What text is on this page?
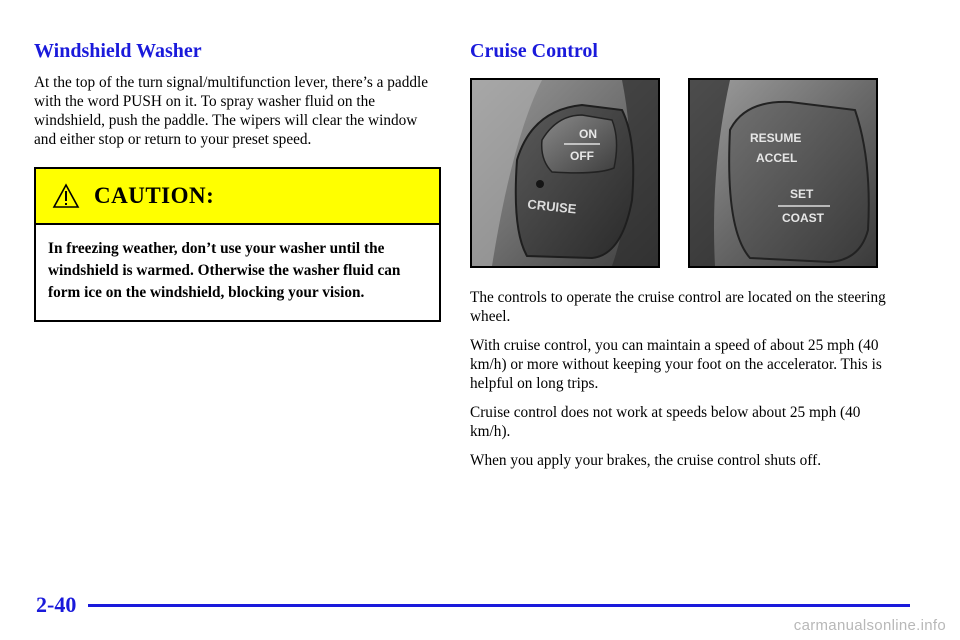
Windshield Washer

At the top of the turn signal/multifunction lever, there’s a paddle with the word PUSH on it. To spray washer fluid on the windshield, push the paddle. The wipers will clear the window and either stop or return to your preset speed.

CAUTION:
In freezing weather, don’t use your washer until the windshield is warmed. Otherwise the washer fluid can form ice on the windshield, blocking your vision.
Cruise Control
ON
OFF
CRUISE
RESUME
ACCEL
SET
COAST

The controls to operate the cruise control are located on the steering wheel.

With cruise control, you can maintain a speed of about 25 mph (40 km/h) or more without keeping your foot on the accelerator. This is helpful on long trips.

Cruise control does not work at speeds below about 25 mph (40 km/h).

When you apply your brakes, the cruise control shuts off.

2-40
carmanualsonline.info
